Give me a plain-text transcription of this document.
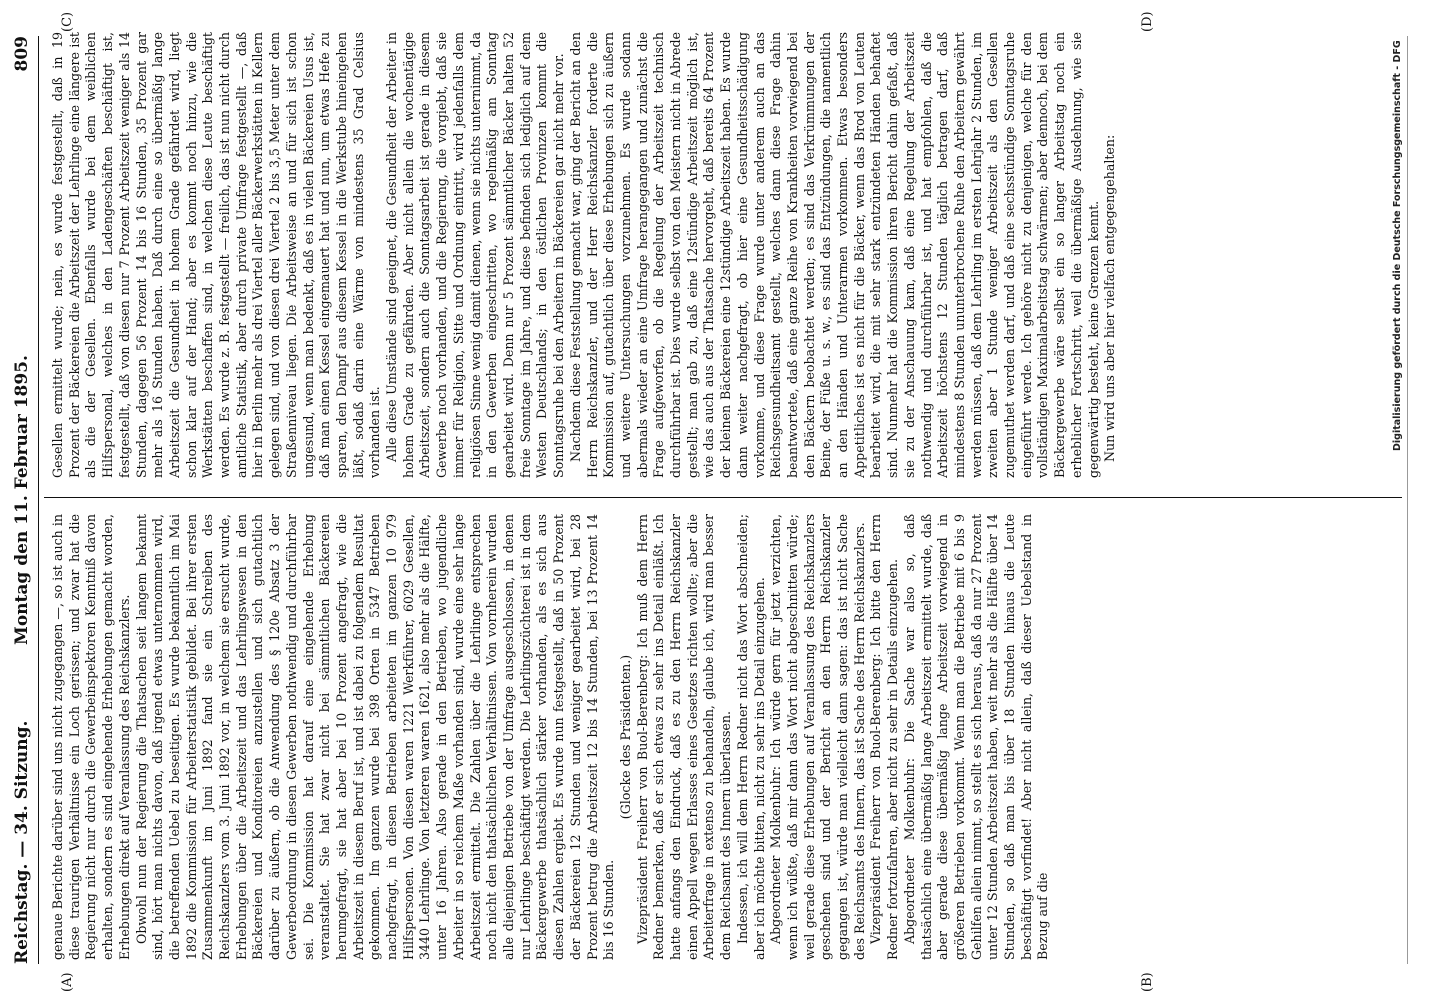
Reichstag. — 34. Sitzung.
Montag den 11. Februar 1895.
809
(A)	(B)
(C)	(D)

genaue Berichte darüber sind uns nicht zugegangen —, so ist auch in diese traurigen Verhältnisse ein Loch gerissen; und zwar hat die Regierung nicht nur durch die Gewerbeinspektoren Kenntniß davon erhalten, sondern es sind eingehende Erhebungen gemacht worden, Erhebungen direkt auf Veranlassung des Reichskanzlers. Obwohl nun der Regierung die Thatsachen seit langem bekannt sind, hört man nichts davon, daß irgend etwas unternommen wird, die betreffenden Uebel zu beseitigen. Es wurde bekanntlich im Mai 1892 die Kommission für Arbeiterstatistik gebildet. Bei ihrer ersten Zusammenkunft im Juni 1892 fand sie ein Schreiben des Reichskanzlers vom 3. Juni 1892 vor, in welchem sie ersucht wurde, Erhebungen über die Arbeitszeit und das Lehrlingswesen in den Bäckereien und Konditoreien anzustellen und sich gutachtlich darüber zu äußern, ob die Anwendung des § 120e Absatz 3 der Gewerbeordnung in diesen Gewerben nothwendig und durchführbar sei. Die Kommission hat darauf eine eingehende Erhebung veranstaltet. Sie hat zwar nicht bei sämmtlichen Bäckereien herumgefragt, sie hat aber bei 10 Prozent angefragt, wie die Arbeitszeit in diesem Beruf ist, und ist dabei zu folgendem Resultat gekommen. Im ganzen wurde bei 398 Orten in 5347 Betrieben nachgefragt, in diesen Betrieben arbeiteten im ganzen 10 979 Hilfspersonen. Von diesen waren 1221 Werkführer, 6029 Gesellen, 3440 Lehrlinge. Von letzteren waren 1621, also mehr als die Hälfte, unter 16 Jahren. Also gerade in den Betrieben, wo jugendliche Arbeiter in so reichem Maße vorhanden sind, wurde eine sehr lange Arbeitszeit ermittelt. Die Zahlen über die Lehrlinge entsprechen noch nicht den thatsächlichen Verhältnissen. Von vornherein wurden alle diejenigen Betriebe von der Umfrage ausgeschlossen, in denen nur Lehrlinge beschäftigt werden. Die Lehrlingszüchterei ist in dem Bäckergewerbe thatsächlich stärker vorhanden, als es sich aus diesen Zahlen ergiebt. Es wurde nun festgestellt, daß in 50 Prozent der Bäckereien 12 Stunden und weniger gearbeitet wird, bei 28 Prozent betrug die Arbeitszeit 12 bis 14 Stunden, bei 13 Prozent 14 bis 16 Stunden.

(Glocke des Präsidenten.) Vizepräsident Freiherr von Buol-Berenberg: Ich muß dem Herrn Redner bemerken, daß er sich etwas zu sehr ins Detail einläßt. Ich hatte anfangs den Eindruck, daß es zu den Herrn Reichskanzler einen Appell wegen Erlasses eines Gesetzes richten wollte; aber die Arbeiterfrage in extenso zu behandeln, glaube ich, wird man besser dem Reichsamt des Innern überlassen. Indessen, ich will dem Herrn Redner nicht das Wort abschneiden; aber ich möchte bitten, nicht zu sehr ins Detail einzugehen. Abgeordneter Molkenbuhr: Ich würde gern für jetzt verzichten, wenn ich wüßte, daß mir dann das Wort nicht abgeschnitten würde; weil gerade diese Erhebungen auf Veranlassung des Reichskanzlers geschehen sind und der Bericht an den Herrn Reichskanzler gegangen ist, würde man vielleicht dann sagen: das ist nicht Sache des Reichsamts des Innern, das ist Sache des Herrn Reichskanzlers. Vizepräsident Freiherr von Buol-Berenberg: Ich bitte den Herrn Redner fortzufahren, aber nicht zu sehr in Details einzugehen. Abgeordneter Molkenbuhr: Die Sache war also so, daß thatsächlich eine übermäßig lange Arbeitszeit ermittelt wurde, daß aber gerade diese übermäßig lange Arbeitszeit vorwiegend in größeren Betrieben vorkommt. Wenn man die Betriebe mit 6 bis 9 Gehilfen allein nimmt, so stellt es sich heraus, daß da nur 27 Prozent unter 12 Stunden Arbeitszeit haben, weit mehr als die Hälfte über 14 Stunden, so daß man bis über 18 Stunden hinaus die Leute beschäftigt vorfindet! Aber nicht allein, daß dieser Uebelstand in Bezug auf die

Gesellen ermittelt wurde; nein, es wurde festgestellt, daß in 19 Prozent der Bäckereien die Arbeitszeit der Lehrlinge eine längere ist als die der Gesellen. Ebenfalls wurde bei dem weiblichen Hilfspersonal, welches in den Ladengeschäften beschäftigt ist, festgestellt, daß von diesen nur 7 Prozent Arbeitszeit weniger als 14 Stunden, dagegen 56 Prozent 14 bis 16 Stunden, 35 Prozent gar mehr als 16 Stunden haben. Daß durch eine so übermäßig lange Arbeitszeit die Gesundheit in hohem Grade gefährdet wird, liegt schon klar auf der Hand; aber es kommt noch hinzu, wie die Werkstätten beschaffen sind, in welchen diese Leute beschäftigt werden. Es wurde z. B. festgestellt — freilich, das ist nun nicht durch amtliche Statistik, aber durch private Umfrage festgestellt —, daß hier in Berlin mehr als drei Viertel aller Bäckerwerkstätten in Kellern gelegen sind, und von diesen drei Viertel 2 bis 3,5 Meter unter dem Straßenniveau liegen. Die Arbeitsweise an und für sich ist schon ungesund, wenn man bedenkt, daß es in vielen Bäckereien Usus ist, daß man einen Kessel eingemauert hat und nun, um etwas Hefe zu sparen, den Dampf aus diesem Kessel in die Werkstube hineingehen läßt, sodaß darin eine Wärme von mindestens 35 Grad Celsius vorhanden ist. Alle diese Umstände sind geeignet, die Gesundheit der Arbeiter in hohem Grade zu gefährden. Aber nicht allein die wochentägige Arbeitszeit, sondern auch die Sonntagsarbeit ist gerade in diesem Gewerbe noch vorhanden, und die Regierung, die vorgiebt, daß sie immer für Religion, Sitte und Ordnung eintritt, wird jedenfalls dem religiösen Sinne wenig damit dienen, wenn sie nichts unternimmt, da in den Gewerben eingeschritten, wo regelmäßig am Sonntag gearbeitet wird. Denn nur 5 Prozent sämmtlicher Bäcker halten 52 freie Sonntage im Jahre, und diese befinden sich lediglich auf dem Westen Deutschlands; in den östlichen Provinzen kommt die Sonntagsruhe bei den Arbeitern in Bäckereien gar nicht mehr vor. Nachdem diese Feststellung gemacht war, ging der Bericht an den Herrn Reichskanzler, und der Herr Reichskanzler forderte die Kommission auf, gutachtlich über diese Erhebungen sich zu äußern und weitere Untersuchungen vorzunehmen. Es wurde sodann abermals wieder an eine Umfrage herangegangen und zunächst die Frage aufgeworfen, ob die Regelung der Arbeitszeit technisch durchführbar ist. Dies wurde selbst von den Meistern nicht in Abrede gestellt; man gab zu, daß eine 12stündige Arbeitszeit möglich ist, wie das auch aus der Thatsache hervorgeht, daß bereits 64 Prozent der kleinen Bäckereien eine 12stündige Arbeitszeit haben. Es wurde dann weiter nachgefragt, ob hier eine Gesundheitsschädigung vorkomme, und diese Frage wurde unter anderem auch an das Reichsgesundheitsamt gestellt, welches dann diese Frage dahin beantwortete, daß eine ganze Reihe von Krankheiten vorwiegend bei den Bäckern beobachtet werden; es sind das Verkrümmungen der Beine, der Füße u. s. w., es sind das Entzündungen, die namentlich an den Händen und Unterarmen vorkommen. Etwas besonders Appetitliches ist es nicht für die Bäcker, wenn das Brod von Leuten bearbeitet wird, die mit sehr stark entzündeten Händen behaftet sind. Nunmehr hat die Kommission ihren Bericht dahin gefaßt, daß sie zu der Anschauung kam, daß eine Regelung der Arbeitszeit nothwendig und durchführbar ist, und hat empfohlen, daß die Arbeitszeit höchstens 12 Stunden täglich betragen darf, daß mindestens 8 Stunden ununterbrochene Ruhe den Arbeitern gewährt werden müssen, daß dem Lehrling im ersten Lehrjahr 2 Stunden, im zweiten aber 1 Stunde weniger Arbeitszeit als den Gesellen zugemuthet werden darf, und daß eine sechsstündige Sonntagsruhe eingeführt werde. Ich gehöre nicht zu denjenigen, welche für den vollständigen Maximalarbeitstag schwärmen; aber dennoch, bei dem Bäckergewerbe wäre selbst ein so langer Arbeitstag noch ein erheblicher Fortschritt, weil die übermäßige Ausdehnung, wie sie gegenwärtig besteht, keine Grenzen kennt. Nun wird uns aber hier vielfach entgegengehalten:	Digitalisierung gefördert durch die Deutsche Forschungsgemeinschaft - DFG
